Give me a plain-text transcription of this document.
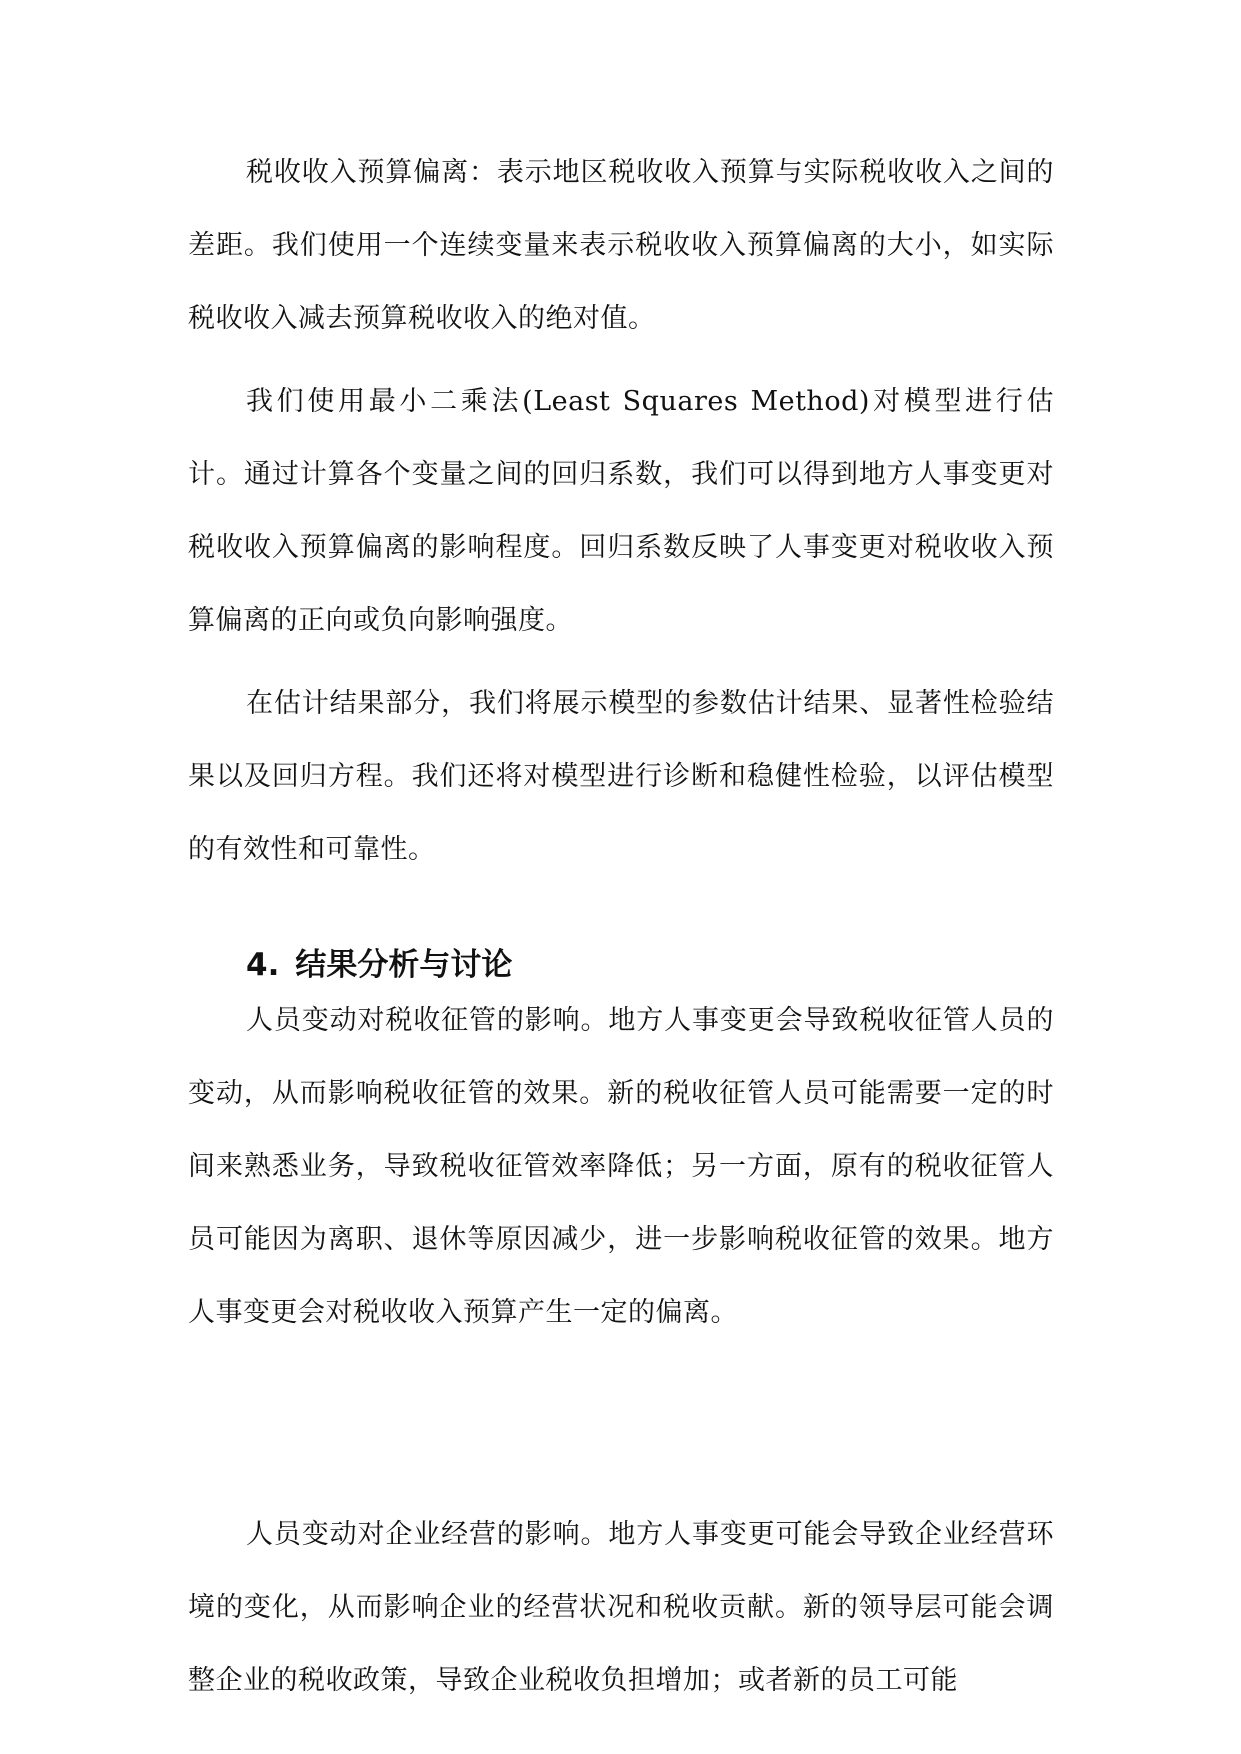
税收收入预算偏离：表示地区税收收入预算与实际税收收入之间的差距。我们使用一个连续变量来表示税收收入预算偏离的大小，如实际税收收入减去预算税收收入的绝对值。

我们使用最小二乘法(Least Squares Method)对模型进行估计。通过计算各个变量之间的回归系数，我们可以得到地方人事变更对税收收入预算偏离的影响程度。回归系数反映了人事变更对税收收入预算偏离的正向或负向影响强度。

在估计结果部分，我们将展示模型的参数估计结果、显著性检验结果以及回归方程。我们还将对模型进行诊断和稳健性检验，以评估模型的有效性和可靠性。

4. 结果分析与讨论

人员变动对税收征管的影响。地方人事变更会导致税收征管人员的变动，从而影响税收征管的效果。新的税收征管人员可能需要一定的时间来熟悉业务，导致税收征管效率降低；另一方面，原有的税收征管人员可能因为离职、退休等原因减少，进一步影响税收征管的效果。地方人事变更会对税收收入预算产生一定的偏离。

人员变动对企业经营的影响。地方人事变更可能会导致企业经营环境的变化，从而影响企业的经营状况和税收贡献。新的领导层可能会调整企业的税收政策，导致企业税收负担增加；或者新的员工可能
